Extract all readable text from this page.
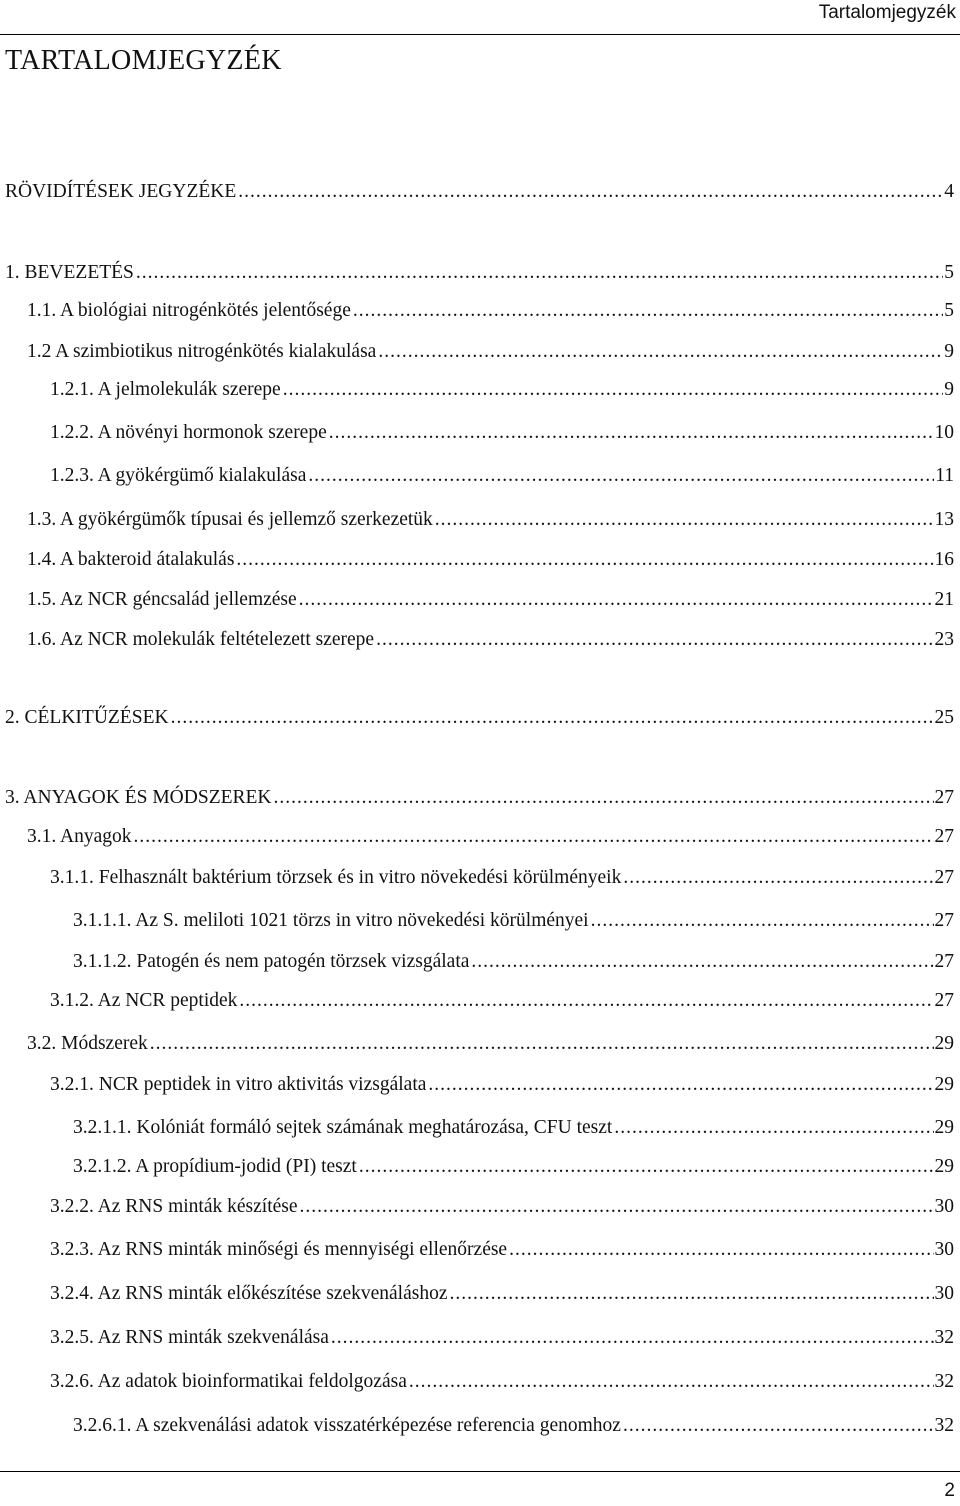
Tartalomjegyzék
TARTALOMJEGYZÉK
RÖVIDÍTÉSEK JEGYZÉKE .....	4
1. BEVEZETÉS .....	5
1.1. A biológiai nitrogénkötés jelentősége .....	5
1.2 A szimbiotikus nitrogénkötés kialakulása .....	9
1.2.1. A jelmolekulák szerepe .....	9
1.2.2. A növényi hormonok szerepe .....	10
1.2.3. A gyökérgümő kialakulása .....	11
1.3. A gyökérgümők típusai és jellemző szerkezetük .....	13
1.4. A bakteroid átalakulás .....	16
1.5. Az NCR géncsalád jellemzése .....	21
1.6. Az NCR molekulák feltételezett szerepe .....	23
2. CÉLKITŰZÉSEK .....	25
3. ANYAGOK ÉS MÓDSZEREK .....	27
3.1. Anyagok .....	27
3.1.1. Felhasznált baktérium törzsek és in vitro növekedési körülményeik .....	27
3.1.1.1. Az S. meliloti 1021 törzs in vitro növekedési körülményei .....	27
3.1.1.2. Patogén és nem patogén törzsek vizsgálata .....	27
3.1.2. Az NCR peptidek .....	27
3.2. Módszerek .....	29
3.2.1. NCR peptidek in vitro aktivitás vizsgálata .....	29
3.2.1.1. Kolóniát formáló sejtek számának meghatározása, CFU teszt .....	29
3.2.1.2. A propídium-jodid (PI) teszt .....	29
3.2.2. Az RNS minták készítése .....	30
3.2.3. Az RNS minták minőségi és mennyiségi ellenőrzése .....	30
3.2.4. Az RNS minták előkészítése szekvenáláshoz .....	30
3.2.5. Az RNS minták szekvenálása .....	32
3.2.6. Az adatok bioinformatikai feldolgozása .....	32
3.2.6.1. A szekvenálási adatok visszatérképezése referencia genomhoz .....	32
2
